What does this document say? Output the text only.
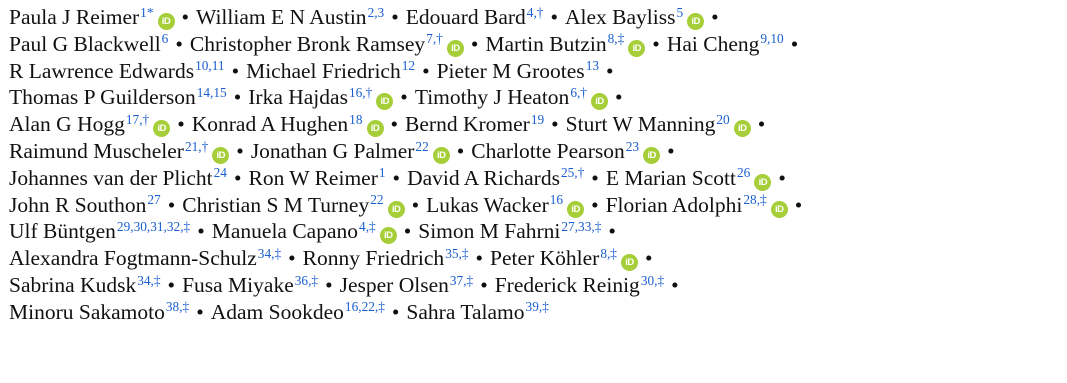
Paula J Reimer$^{1*}$iD • William E N Austin$^{2,3}$ • Edouard Bard$^{4,\dagger}$ • Alex Bayliss$^5$iD •
Paul G Blackwell$^6$ • Christopher Bronk Ramsey$^{7,\dagger}$iD • Martin Butzin$^{8,\ddagger}$iD • Hai Cheng$^{9,10}$ •
R Lawrence Edwards$^{10,11}$ • Michael Friedrich$^{12}$ • Pieter M Grootes$^{13}$ •
Thomas P Guilderson$^{14,15}$ • Irka Hajdas$^{16,\dagger}$iD • Timothy J Heaton$^{6,\dagger}$iD •
Alan G Hogg$^{17,\dagger}$iD • Konrad A Hughen$^{18}$iD • Bernd Kromer$^{19}$ • Sturt W Manning$^{20}$iD •
Raimund Muscheler$^{21,\dagger}$iD • Jonathan G Palmer$^{22}$iD • Charlotte Pearson$^{23}$iD •
Johannes van der Plicht$^{24}$ • Ron W Reimer$^1$ • David A Richards$^{25,\dagger}$ • E Marian Scott$^{26}$iD •
John R Southon$^{27}$ • Christian S M Turney$^{22}$iD • Lukas Wacker$^{16}$iD • Florian Adolphi$^{28,\ddagger}$iD •
Ulf Büntgen$^{29,30,31,32,\ddagger}$ • Manuela Capano$^{4,\ddagger}$iD • Simon M Fahrni$^{27,33,\ddagger}$ •
Alexandra Fogtmann-Schulz$^{34,\ddagger}$ • Ronny Friedrich$^{35,\ddagger}$ • Peter Köhler$^{8,\ddagger}$iD •
Sabrina Kudsk$^{34,\ddagger}$ • Fusa Miyake$^{36,\ddagger}$ • Jesper Olsen$^{37,\ddagger}$ • Frederick Reinig$^{30,\ddagger}$ •
Minoru Sakamoto$^{38,\ddagger}$ • Adam Sookdeo$^{16,22,\ddagger}$ • Sahra Talamo$^{39,\ddagger}$
